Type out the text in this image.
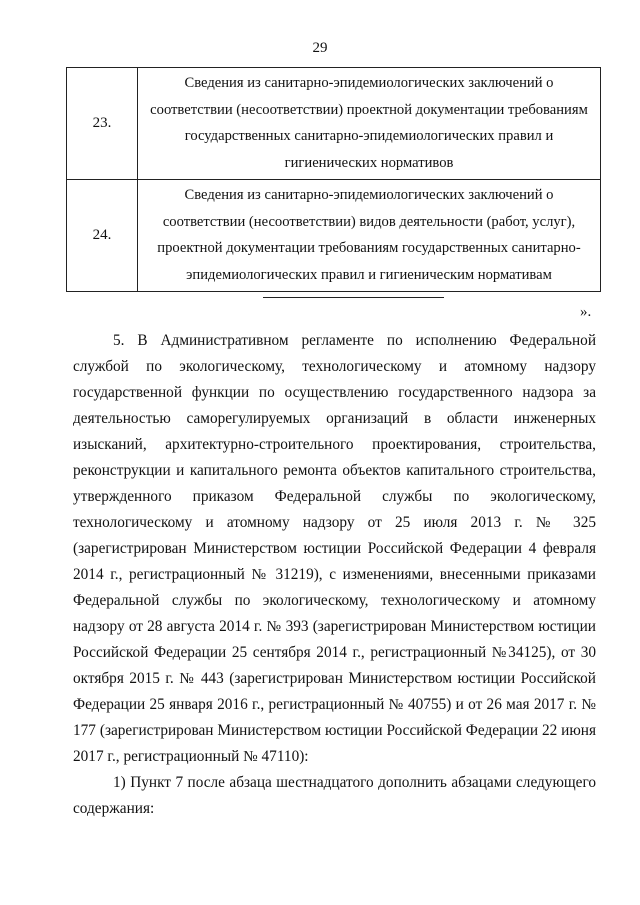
29
23.	Сведения из санитарно-эпидемиологических заключений о соответствии (несоответствии) проектной документации требованиям государственных санитарно-эпидемиологических правил и гигиенических нормативов
24.	Сведения из санитарно-эпидемиологических заключений о соответствии (несоответствии) видов деятельности (работ, услуг), проектной документации требованиям государственных санитарно-эпидемиологических правил и гигиеническим нормативам
».

5. В Административном регламенте по исполнению Федеральной службой по экологическому, технологическому и атомному надзору государственной функции по осуществлению государственного надзора за деятельностью саморегулируемых организаций в области инженерных изысканий, архитектурно-строительного проектирования, строительства, реконструкции и капитального ремонта объектов капитального строительства, утвержденного приказом Федеральной службы по экологическому, технологическому и атомному надзору от 25 июля 2013 г. № 325 (зарегистрирован Министерством юстиции Российской Федерации 4 февраля 2014 г., регистрационный № 31219), с изменениями, внесенными приказами Федеральной службы по экологическому, технологическому и атомному надзору от 28 августа 2014 г. № 393 (зарегистрирован Министерством юстиции Российской Федерации 25 сентября 2014 г., регистрационный №34125), от 30 октября 2015 г. № 443 (зарегистрирован Министерством юстиции Российской Федерации 25 января 2016 г., регистрационный № 40755) и от 26 мая 2017 г. № 177 (зарегистрирован Министерством юстиции Российской Федерации 22 июня 2017 г., регистрационный № 47110):

1) Пункт 7 после абзаца шестнадцатого дополнить абзацами следующего содержания:
